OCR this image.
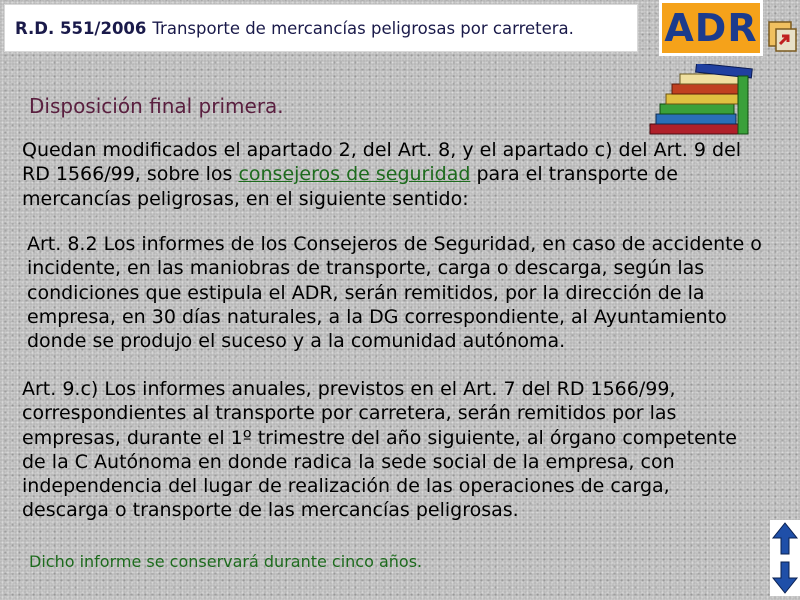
R.D. 551/2006 Transporte de mercancías peligrosas por carretera. ADR
Disposición final primera.
Quedan modificados el apartado 2, del Art. 8, y el apartado c) del Art. 9 del RD 1566/99, sobre los consejeros de seguridad para el transporte de mercancías peligrosas, en el siguiente sentido:
Art. 8.2 Los informes de los Consejeros de Seguridad, en caso de accidente o incidente, en las maniobras de transporte, carga o descarga, según las condiciones que estipula el ADR, serán remitidos, por la dirección de la empresa, en 30 días naturales, a la DG correspondiente, al Ayuntamiento donde se produjo el suceso y a la comunidad autónoma.
Art. 9.c) Los informes anuales, previstos en el Art. 7 del RD 1566/99, correspondientes al transporte por carretera, serán remitidos por las empresas, durante el 1º trimestre del año siguiente, al órgano competente de la C Autónoma en donde radica la sede social de la empresa, con independencia del lugar de realización de las operaciones de carga, descarga o transporte de las mercancías peligrosas.
Dicho informe se conservará durante cinco años.
